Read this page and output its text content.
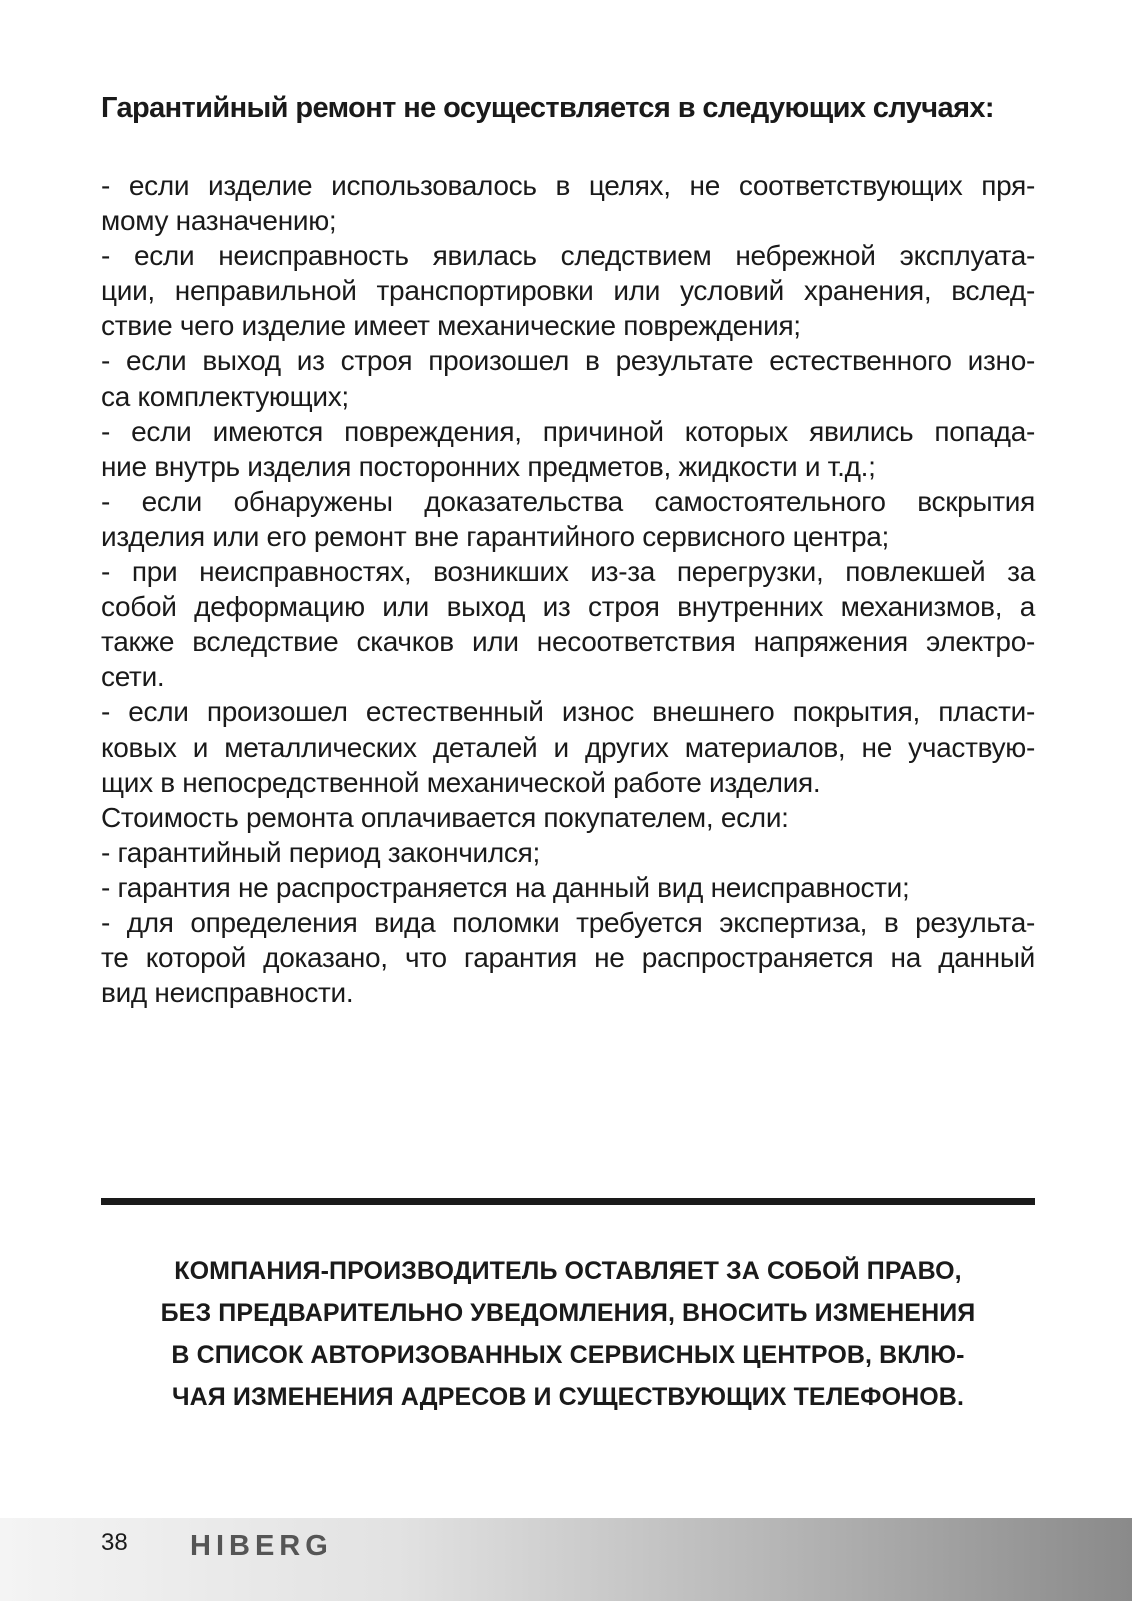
Гарантийный ремонт не осуществляется в следующих случаях:
- если изделие использовалось в целях, не соответствующих пря-
мому назначению;
- если неисправность явилась следствием небрежной эксплуата-
ции, неправильной транспортировки или условий хранения, вслед-
ствие чего изделие имеет механические повреждения;
- если выход из строя произошел в результате естественного изно-
са комплектующих;
- если имеются повреждения, причиной которых явились попада-
ние внутрь изделия посторонних предметов, жидкости и т.д.;
- если обнаружены доказательства самостоятельного вскрытия
изделия или его ремонт вне гарантийного сервисного центра;
- при неисправностях, возникших из-за перегрузки, повлекшей за
собой деформацию или выход из строя внутренних механизмов, а
также вследствие скачков или несоответствия напряжения электро-
сети.
- если произошел естественный износ внешнего покрытия, пласти-
ковых и металлических деталей и других материалов, не участвую-
щих в непосредственной механической работе изделия.
Стоимость ремонта оплачивается покупателем, если:
- гарантийный период закончился;
- гарантия не распространяется на данный вид неисправности;
- для определения вида поломки требуется экспертиза, в результа-
те которой доказано, что гарантия не распространяется на данный
вид неисправности.
КОМПАНИЯ-ПРОИЗВОДИТЕЛЬ ОСТАВЛЯЕТ ЗА СОБОЙ ПРАВО,
БЕЗ ПРЕДВАРИТЕЛЬНО УВЕДОМЛЕНИЯ, ВНОСИТЬ ИЗМЕНЕНИЯ
В СПИСОК АВТОРИЗОВАННЫХ СЕРВИСНЫХ ЦЕНТРОВ, ВКЛЮ-
ЧАЯ ИЗМЕНЕНИЯ АДРЕСОВ И СУЩЕСТВУЮЩИХ ТЕЛЕФОНОВ.
38 HIBERG
